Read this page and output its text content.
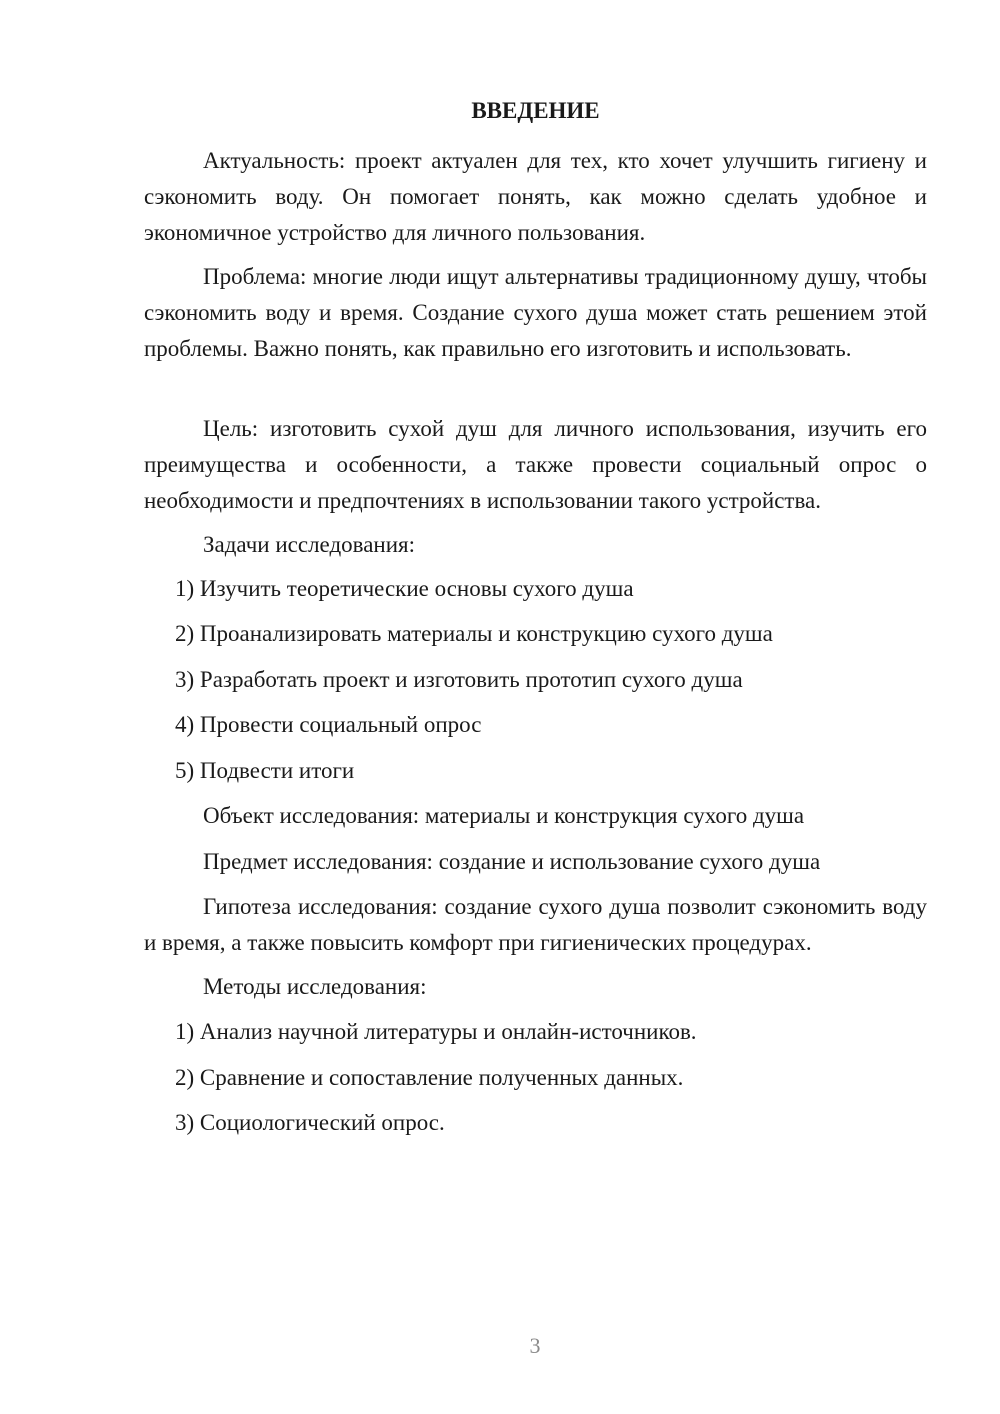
ВВЕДЕНИЕ
Актуальность: проект актуален для тех, кто хочет улучшить гигиену и сэкономить воду. Он помогает понять, как можно сделать удобное и экономичное устройство для личного пользования.
Проблема: многие люди ищут альтернативы традиционному душу, чтобы сэкономить воду и время. Создание сухого душа может стать решением этой проблемы. Важно понять, как правильно его изготовить и использовать.
Цель: изготовить сухой душ для личного использования, изучить его преимущества и особенности, а также провести социальный опрос о необходимости и предпочтениях в использовании такого устройства.
Задачи исследования:
1) Изучить теоретические основы сухого душа
2) Проанализировать материалы и конструкцию сухого душа
3) Разработать проект и изготовить прототип сухого душа
4) Провести социальный опрос
5) Подвести итоги
Объект исследования: материалы и конструкция сухого душа
Предмет исследования: создание и использование сухого душа
Гипотеза исследования: создание сухого душа позволит сэкономить воду и время, а также повысить комфорт при гигиенических процедурах.
Методы исследования:
1) Анализ научной литературы и онлайн-источников.
2) Сравнение и сопоставление полученных данных.
3) Социологический опрос.
3
